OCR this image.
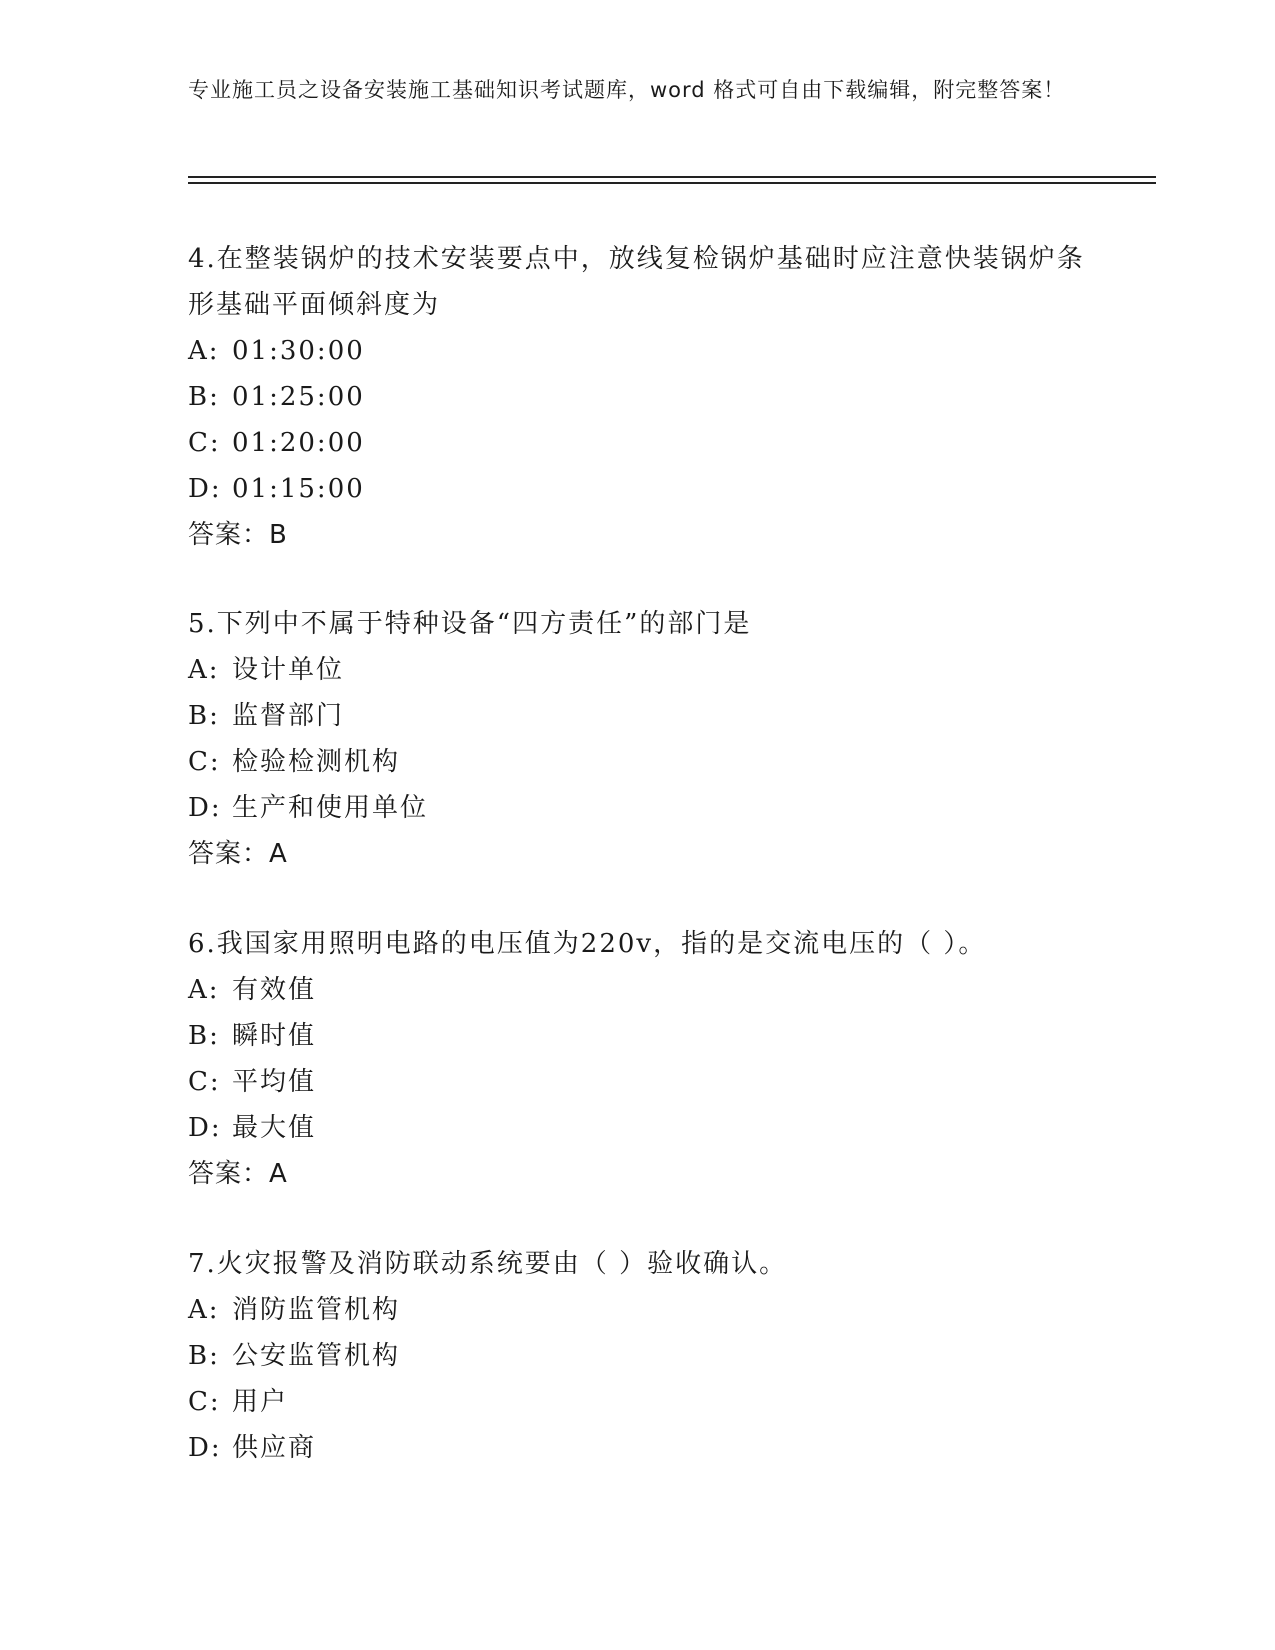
专业施工员之设备安装施工基础知识考试题库，word 格式可自由下载编辑，附完整答案！
4.在整装锅炉的技术安装要点中，放线复检锅炉基础时应注意快装锅炉条形基础平面倾斜度为
A: 01:30:00
B: 01:25:00
C: 01:20:00
D: 01:15:00
答案：B
5.下列中不属于特种设备“四方责任”的部门是
A: 设计单位
B: 监督部门
C: 检验检测机构
D: 生产和使用单位
答案：A
6.我国家用照明电路的电压值为220v，指的是交流电压的（ ）。
A: 有效值
B: 瞬时值
C: 平均值
D: 最大值
答案：A
7.火灾报警及消防联动系统要由（ ）验收确认。
A: 消防监管机构
B: 公安监管机构
C: 用户
D: 供应商
